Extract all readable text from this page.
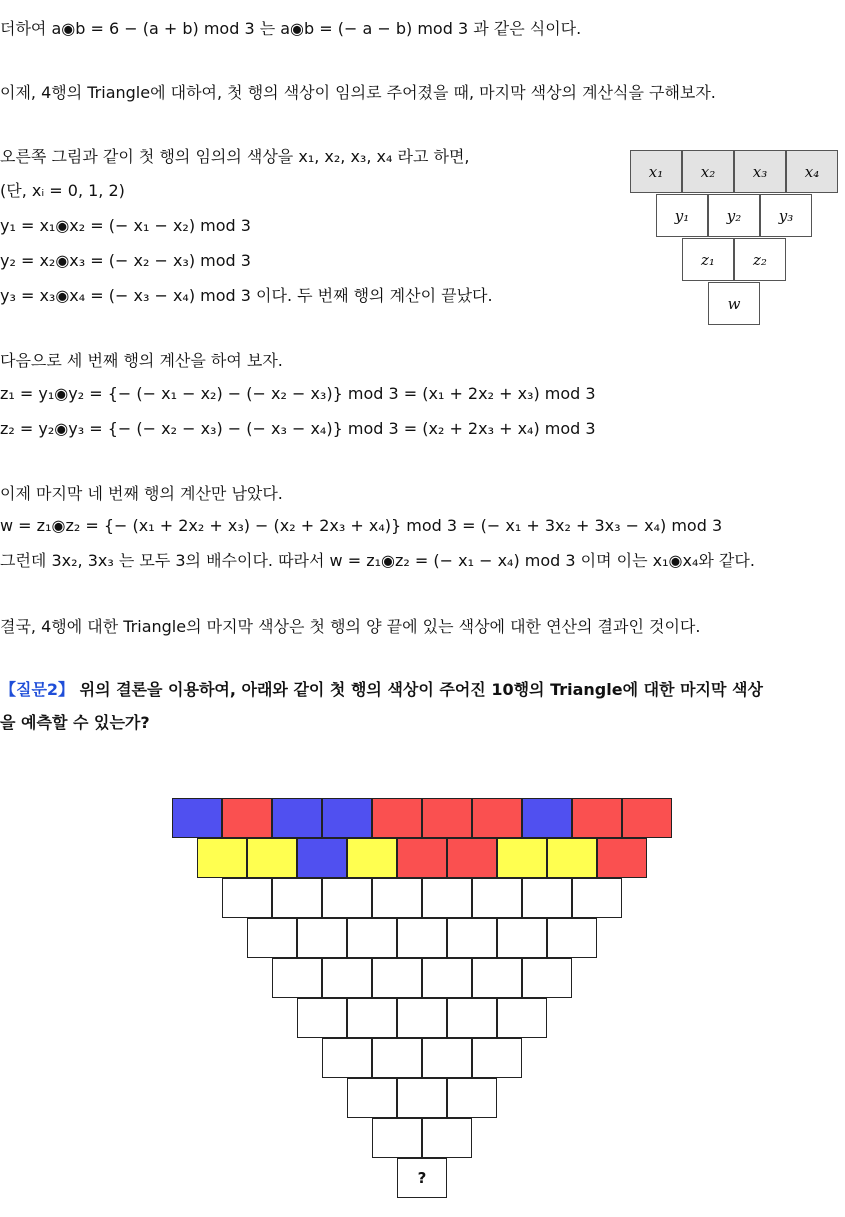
더하여 a◉b = 6 − (a + b) mod 3 는 a◉b = (− a − b) mod 3 과 같은 식이다.
이제, 4행의 Triangle에 대하여, 첫 행의 색상이 임의로 주어졌을 때, 마지막 색상의 계산식을 구해보자.
오른쪽 그림과 같이 첫 행의 임의의 색상을 x₁, x₂, x₃, x₄ 라고 하면,
(단, xᵢ = 0, 1, 2)
y₁ = x₁◉x₂ = (− x₁ − x₂) mod 3
y₂ = x₂◉x₃ = (− x₂ − x₃) mod 3
y₃ = x₃◉x₄ = (− x₃ − x₄) mod 3 이다. 두 번째 행의 계산이 끝났다.
다음으로 세 번째 행의 계산을 하여 보자.
z₁ = y₁◉y₂ = {− (− x₁ − x₂) − (− x₂ − x₃)} mod 3 = (x₁ + 2x₂ + x₃) mod 3
z₂ = y₂◉y₃ = {− (− x₂ − x₃) − (− x₃ − x₄)} mod 3 = (x₂ + 2x₃ + x₄) mod 3
이제 마지막 네 번째 행의 계산만 남았다.
w = z₁◉z₂ = {− (x₁ + 2x₂ + x₃) − (x₂ + 2x₃ + x₄)} mod 3 = (− x₁ + 3x₂ + 3x₃ − x₄) mod 3
그런데 3x₂, 3x₃ 는 모두 3의 배수이다. 따라서 w = z₁◉z₂ = (− x₁ − x₄) mod 3 이며 이는 x₁◉x₄와 같다.
결국, 4행에 대한 Triangle의 마지막 색상은 첫 행의 양 끝에 있는 색상에 대한 연산의 결과인 것이다.
【질문2】 위의 결론을 이용하여, 아래와 같이 첫 행의 색상이 주어진 10행의 Triangle에 대한 마지막 색상
을 예측할 수 있는가?
x₁	x₂	x₃	x₄
y₁	y₂	y₃
z₁	z₂
w
?
